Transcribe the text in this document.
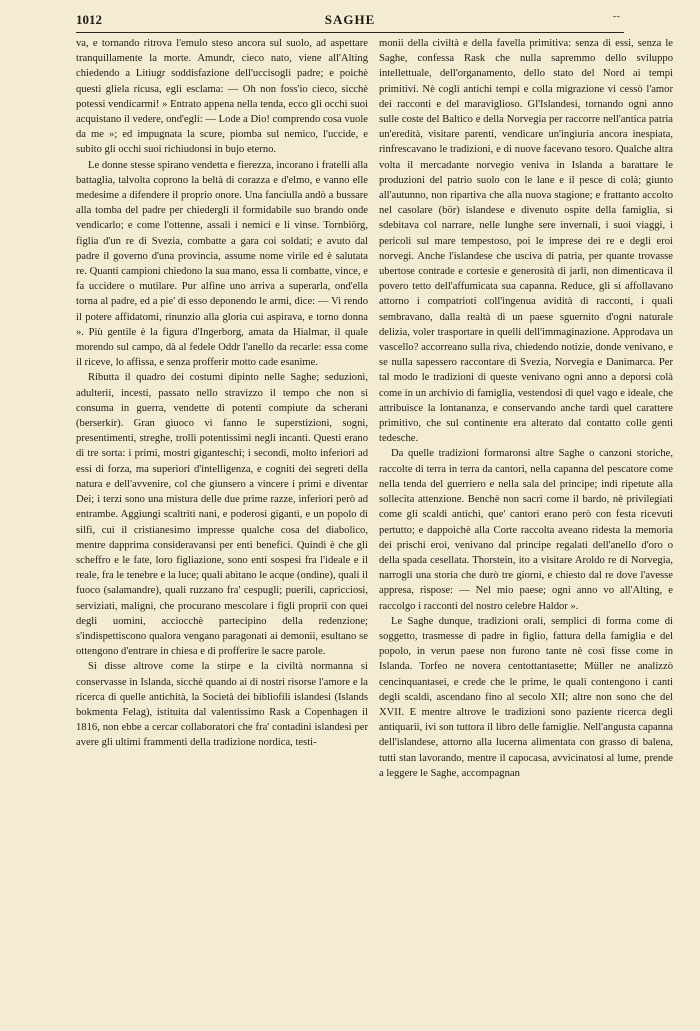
1012	SAGHE	--

va, e tornando ritrova l'emulo steso ancora sul suolo, ad aspettare tranquillamente la morte. Amundr, cieco nato, viene all'Alting chiedendo a Litiugr soddisfazione dell'uccisogli padre; e poichè questi gliela ricusa, egli esclama: — Oh non foss'io cieco, sicchè potessi vendicarmi! » Entrato appena nella tenda, ecco gli occhi suoi acquistano il vedere, ond'egli: — Lode a Dio! comprendo cosa vuole da me »; ed impugnata la scure, piomba sul nemico, l'uccide, e subito gli occhi suoi richiudonsi in bujo eterno.

Le donne stesse spirano vendetta e fierezza, incorano i fratelli alla battaglia, talvolta coprono la beltà di corazza e d'elmo, e vanno elle medesime a difendere il proprio onore. Una fanciulla andò a bussare alla tomba del padre per chiedergli il formidabile suo brando onde vendicarlo; e come l'ottenne, assalì i nemici e li vinse. Tornbiörg, figlia d'un re di Svezia, combatte a gara coi soldati; e avuto dal padre il governo d'una provincia, assume nome virile ed è salutata re. Quanti campioni chiedono la sua mano, essa li combatte, vince, e fa uccidere o mutilare. Pur alfine uno arriva a superarla, ond'ella torna al padre, ed a pie' di esso deponendo le armi, dice: — Vi rendo il potere affidatomi, rinunzio alla gloria cui aspirava, e torno donna ». Più gentile è la figura d'Ingerborg, amata da Hialmar, il quale morendo sul campo, dà al fedele Oddr l'anello da recarle: essa come il riceve, lo affissa, e senza profferir motto cade esanime.

Ributta il quadro dei costumi dipinto nelle Saghe; seduzioni, adulterii, incesti, passato nello stravizzo il tempo che non si consuma in guerra, vendette di potenti compiute da scherani (berserkir). Gran giuoco vi fanno le superstizioni, sogni, presentimenti, streghe, trolli potentissimi negli incanti. Questi erano di tre sorta: i primi, mostri giganteschi; i secondi, molto inferiori ad essi di forza, ma superiori d'intelligenza, e cogniti dei segreti della natura e dell'avvenire, col che giunsero a vincere i primi e diventar Dei; i terzi sono una mistura delle due prime razze, inferiori però ad entrambe. Aggiungi scaltriti nani, e poderosi giganti, e un popolo di silfi, cui il cristianesimo impresse qualche cosa del diabolico, mentre dapprima consideravansi per enti benefici. Quindi è che gli scheffro e le fate, loro figliazione, sono enti sospesi fra l'ideale e il reale, fra le tenebre e la luce; quali abitano le acque (ondine), quali il fuoco (salamandre), quali ruzzano fra' cespugli; puerili, capricciosi, serviziati, maligni, che procurano mescolare i figli proprii con quei degli uomini, acciocchè partecipino della redenzione; s'indispettiscono qualora vengano paragonati ai demonii, esultano se ottengono d'entrare in chiesa e di profferire le sacre parole.

Si disse altrove come la stirpe e la civiltà normanna si conservasse in Islanda, sicchè quando ai dì nostri risorse l'amore e la ricerca di quelle antichità, la Società dei bibliofili islandesi (Islands bokmenta Felag), istituita dal valentissimo Rask a Copenhagen il 1816, non ebbe a cercar collaboratori che fra' contadini islandesi per avere gli ultimi frammenti della tradizione nordica, testi-

monii della civiltà e della favella primitiva: senza di essi, senza le Saghe, confessa Rask che nulla sapremmo dello sviluppo intellettuale, dell'organamento, dello stato del Nord ai tempi primitivi. Nè cogli antichi tempi e colla migrazione vi cessò l'amor dei racconti e del maraviglioso. Gl'Islandesi, tornando ogni anno sulle coste del Baltico e della Norvegia per raccorre nell'antica patria un'eredità, visitare parenti, vendicare un'ingiuria ancora inespiata, rinfrescavano le tradizioni, e di nuove facevano tesoro. Qualche altra volta il mercadante norvegio veniva in Islanda a barattare le produzioni del patrio suolo con le lane e il pesce di colà; giunto all'autunno, non ripartiva che alla nuova stagione; e frattanto accolto nel casolare (bör) islandese e divenuto ospite della famiglia, si sdebitava col narrare, nelle lunghe sere invernali, i suoi viaggi, i pericoli sul mare tempestoso, poi le imprese dei re e degli eroi norvegi. Anche l'islandese che usciva di patria, per quante trovasse ubertose contrade e cortesie e generosità di jarli, non dimenticava il povero tetto dell'affumicata sua capanna. Reduce, gli si affollavano attorno i compatrioti coll'ingenua avidità di racconti, i quali sembravano, dalla realtà di un paese sguernito d'ogni naturale delizia, voler trasportare in quelli dell'immaginazione. Approdava un vascello? accorreano sulla riva, chiedendo notizie, donde venivano, e se nulla sapessero raccontare di Svezia, Norvegia e Danimarca. Per tal modo le tradizioni di queste venivano ogni anno a deporsi colà come in un archivio di famiglia, vestendosi di quel vago e ideale, che attribuisce la lontananza, e conservando anche tardi quel carattere primitivo, che sul continente era alterato dal contatto colle genti tedesche.

Da quelle tradizioni formaronsi altre Saghe o canzoni storiche, raccolte di terra in terra da cantori, nella capanna del pescatore come nella tenda del guerriero e nella sala del principe; indi ripetute alla sollecita attenzione. Benchè non sacri come il bardo, nè privilegiati come gli scaldi antichi, que' cantori erano però con festa ricevuti pertutto; e dappoichè alla Corte raccolta aveano ridesta la memoria dei prischi eroi, venivano dal principe regalati dell'anello d'oro o della spada cesellata. Thorstein, ito a visitare Aroldo re di Norvegia, narrogli una storia che durò tre giorni, e chiesto dal re dove l'avesse appresa, rispose: — Nel mio paese; ogni anno vo all'Alting, e raccolgo i racconti del nostro celebre Haldor ».

Le Saghe dunque, tradizioni orali, semplici di forma come di soggetto, trasmesse di padre in figlio, fattura della famiglia e del popolo, in verun paese non furono tante nè così fisse come in Islanda. Torfeo ne novera centottantasette; Müller ne analizzò cencinquantasei, e crede che le prime, le quali contengono i canti degli scaldi, ascendano fino al secolo XII; altre non sono che del XVII. E mentre altrove le tradizioni sono paziente ricerca degli antiquarii, ivi son tuttora il libro delle famiglie. Nell'angusta capanna dell'islandese, attorno alla lucerna alimentata con grasso di balena, tutti stan lavorando, mentre il capocasa, avvicinatosi al lume, prende a leggere le Saghe, accompagnan
